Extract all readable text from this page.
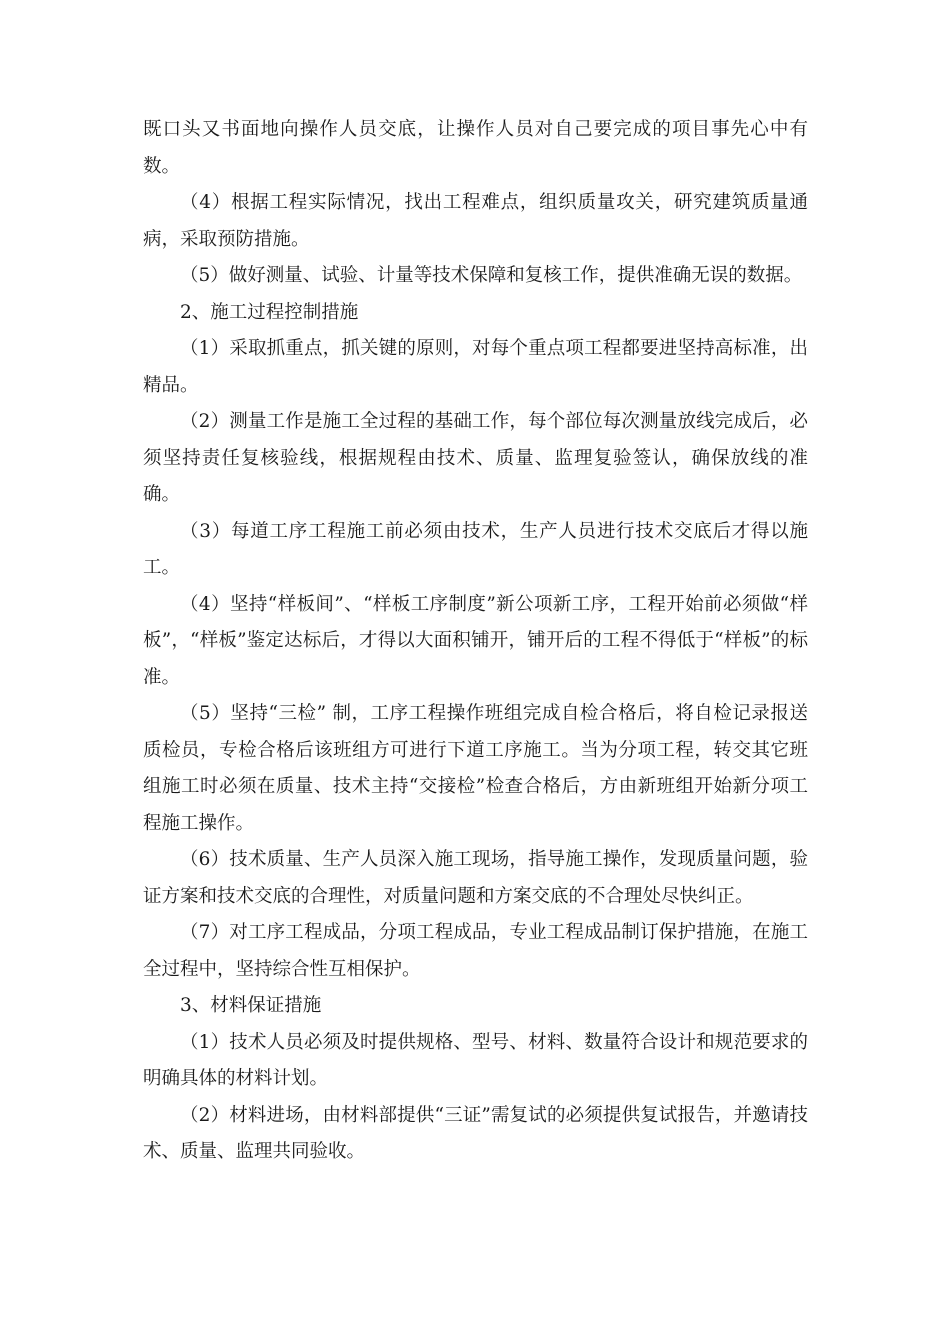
既口头又书面地向操作人员交底，让操作人员对自己要完成的项目事先心中有数。

（4）根据工程实际情况，找出工程难点，组织质量攻关，研究建筑质量通病，采取预防措施。

（5）做好测量、试验、计量等技术保障和复核工作，提供准确无误的数据。

2、施工过程控制措施

（1）采取抓重点，抓关键的原则，对每个重点项工程都要进坚持高标准，出精品。

（2）测量工作是施工全过程的基础工作，每个部位每次测量放线完成后，必须坚持责任复核验线，根据规程由技术、质量、监理复验签认，确保放线的准确。

（3）每道工序工程施工前必须由技术，生产人员进行技术交底后才得以施工。

（4）坚持“样板间”、“样板工序制度”新公项新工序，工程开始前必须做“样板”，“样板”鉴定达标后，才得以大面积铺开，铺开后的工程不得低于“样板”的标准。

（5）坚持“三检” 制，工序工程操作班组完成自检合格后，将自检记录报送质检员，专检合格后该班组方可进行下道工序施工。当为分项工程，转交其它班组施工时必须在质量、技术主持“交接检”检查合格后，方由新班组开始新分项工程施工操作。

（6）技术质量、生产人员深入施工现场，指导施工操作，发现质量问题，验证方案和技术交底的合理性，对质量问题和方案交底的不合理处尽快纠正。

（7）对工序工程成品，分项工程成品，专业工程成品制订保护措施，在施工全过程中，坚持综合性互相保护。

3、材料保证措施

（1）技术人员必须及时提供规格、型号、材料、数量符合设计和规范要求的明确具体的材料计划。

（2）材料进场，由材料部提供“三证”需复试的必须提供复试报告，并邀请技术、质量、监理共同验收。
